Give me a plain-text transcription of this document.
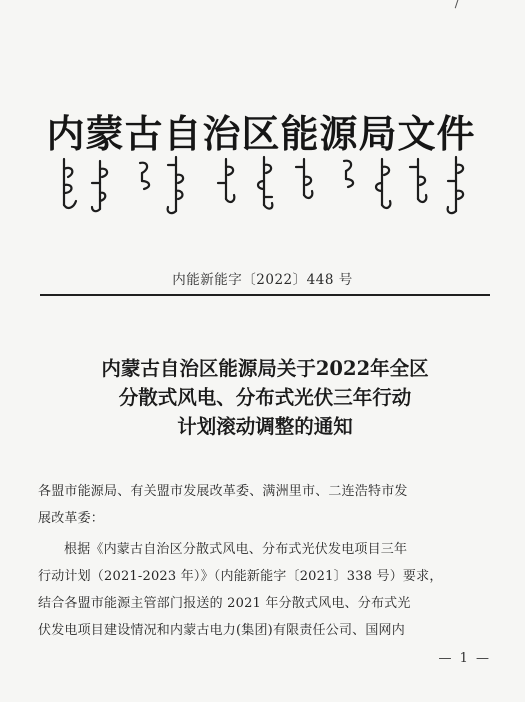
内蒙古自治区能源局文件
内能新能字〔2022〕448 号
内蒙古自治区能源局关于2022年全区
分散式风电、分布式光伏三年行动
计划滚动调整的通知
各盟市能源局、有关盟市发展改革委、满洲里市、二连浩特市发
展改革委：
根据《内蒙古自治区分散式风电、分布式光伏发电项目三年
行动计划（2021-2023 年）》（内能新能字〔2021〕338 号）要求，
结合各盟市能源主管部门报送的 2021 年分散式风电、分布式光
伏发电项目建设情况和内蒙古电力(集团)有限责任公司、国网内
— 1 —
